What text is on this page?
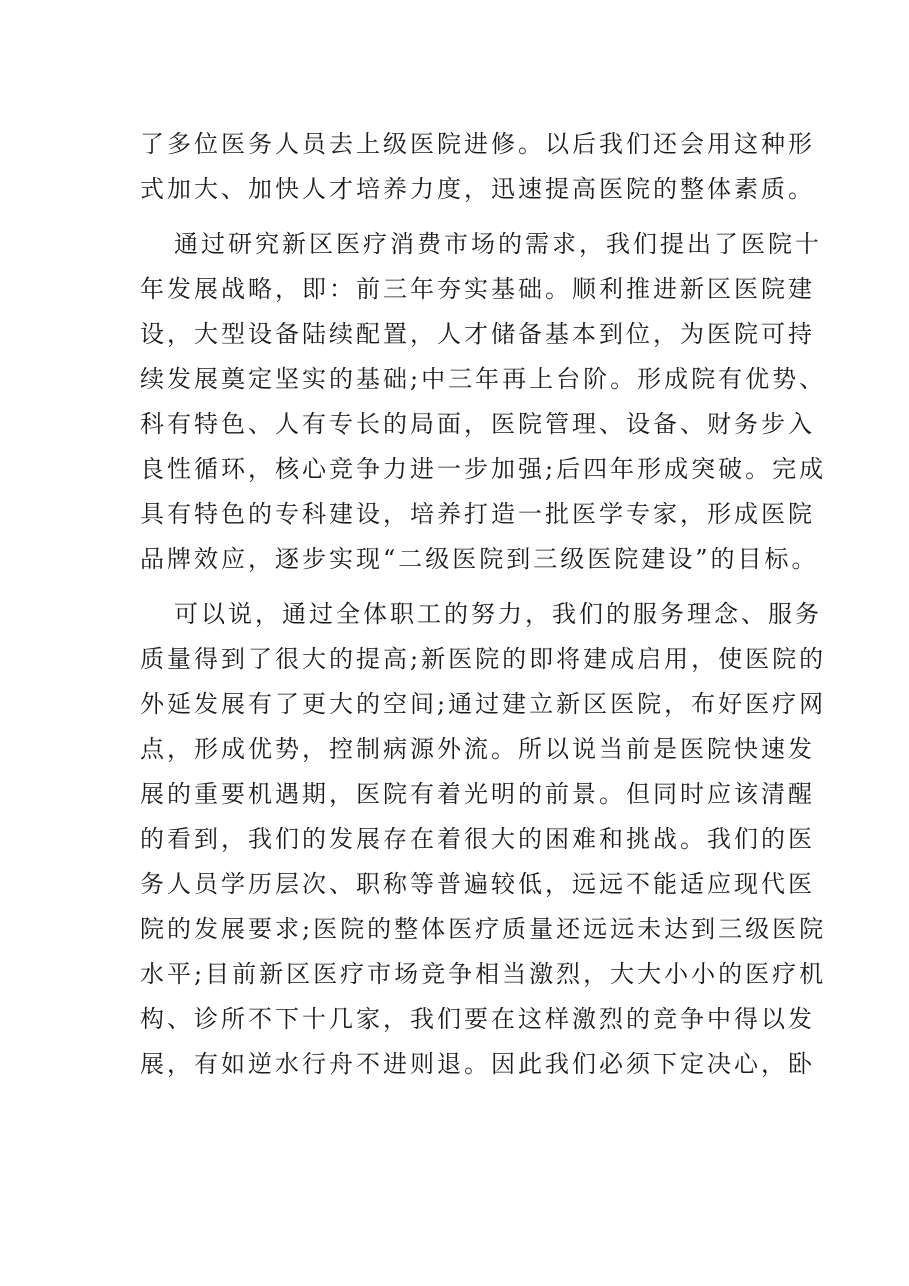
了多位医务人员去上级医院进修。以后我们还会用这种形
式加大、加快人才培养力度，迅速提高医院的整体素质。
通过研究新区医疗消费市场的需求，我们提出了医院十
年发展战略，即：前三年夯实基础。顺利推进新区医院建
设，大型设备陆续配置，人才储备基本到位，为医院可持
续发展奠定坚实的基础;中三年再上台阶。形成院有优势、
科有特色、人有专长的局面，医院管理、设备、财务步入
良性循环，核心竞争力进一步加强;后四年形成突破。完成
具有特色的专科建设，培养打造一批医学专家，形成医院
品牌效应，逐步实现“二级医院到三级医院建设”的目标。
可以说，通过全体职工的努力，我们的服务理念、服务
质量得到了很大的提高;新医院的即将建成启用，使医院的
外延发展有了更大的空间;通过建立新区医院，布好医疗网
点，形成优势，控制病源外流。所以说当前是医院快速发
展的重要机遇期，医院有着光明的前景。但同时应该清醒
的看到，我们的发展存在着很大的困难和挑战。我们的医
务人员学历层次、职称等普遍较低，远远不能适应现代医
院的发展要求;医院的整体医疗质量还远远未达到三级医院
水平;目前新区医疗市场竞争相当激烈，大大小小的医疗机
构、诊所不下十几家，我们要在这样激烈的竞争中得以发
展，有如逆水行舟不进则退。因此我们必须下定决心，卧
